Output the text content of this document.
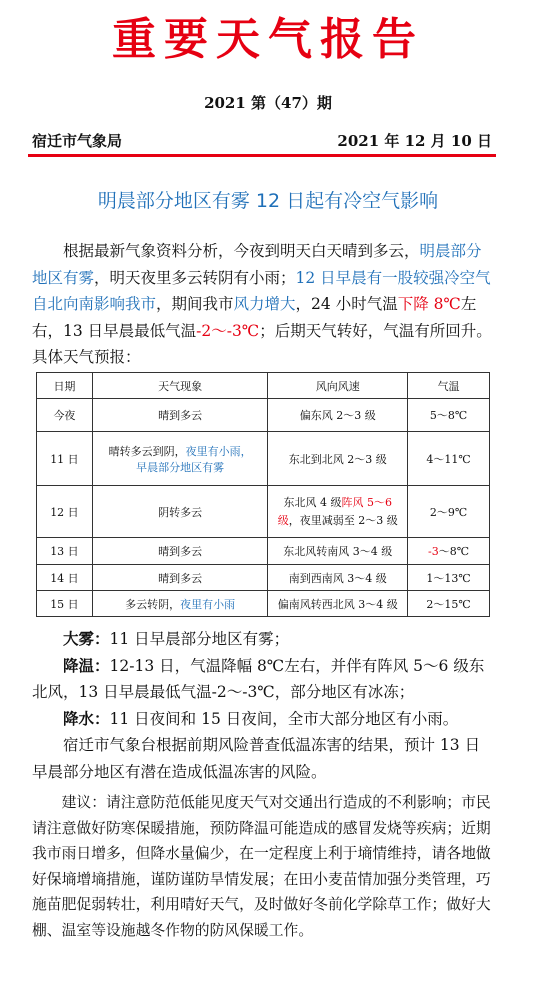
重要天气报告
2021 第（47）期
宿迁市气象局	2021 年 12 月 10 日
明晨部分地区有雾 12 日起有冷空气影响

根据最新气象资料分析，今夜到明天白天晴到多云，明晨部分地区有雾，明天夜里多云转阴有小雨；12 日早晨有一股较强冷空气自北向南影响我市，期间我市风力增大，24 小时气温下降 8℃左右，13 日早晨最低气温-2～-3℃；后期天气转好，气温有所回升。具体天气预报：

日期	天气现象	风向风速	气温
今夜	晴到多云	偏东风 2～3 级	5～8℃
11 日	晴转多云到阴，夜里有小雨，
早晨部分地区有雾	东北到北风 2～3 级	4～11℃
12 日	阴转多云	东北风 4 级阵风 5～6 级，夜里减弱至 2～3 级	2～9℃
13 日	晴到多云	东北风转南风 3～4 级	-3～8℃
14 日	晴到多云	南到西南风 3～4 级	1～13℃
15 日	多云转阴，夜里有小雨	偏南风转西北风 3～4 级	2～15℃

大雾：11 日早晨部分地区有雾；

降温：12-13 日，气温降幅 8℃左右，并伴有阵风 5～6 级东北风，13 日早晨最低气温-2～-3℃，部分地区有冰冻；

降水：11 日夜间和 15 日夜间，全市大部分地区有小雨。

宿迁市气象台根据前期风险普查低温冻害的结果，预计 13 日早晨部分地区有潜在造成低温冻害的风险。

建议：请注意防范低能见度天气对交通出行造成的不利影响；市民请注意做好防寒保暖措施，预防降温可能造成的感冒发烧等疾病；近期我市雨日增多，但降水量偏少，在一定程度上利于墒情维持，请各地做好保墒增墒措施，谨防谨防旱情发展；在田小麦苗情加强分类管理，巧施苗肥促弱转壮，利用晴好天气，及时做好冬前化学除草工作；做好大棚、温室等设施越冬作物的防风保暖工作。
